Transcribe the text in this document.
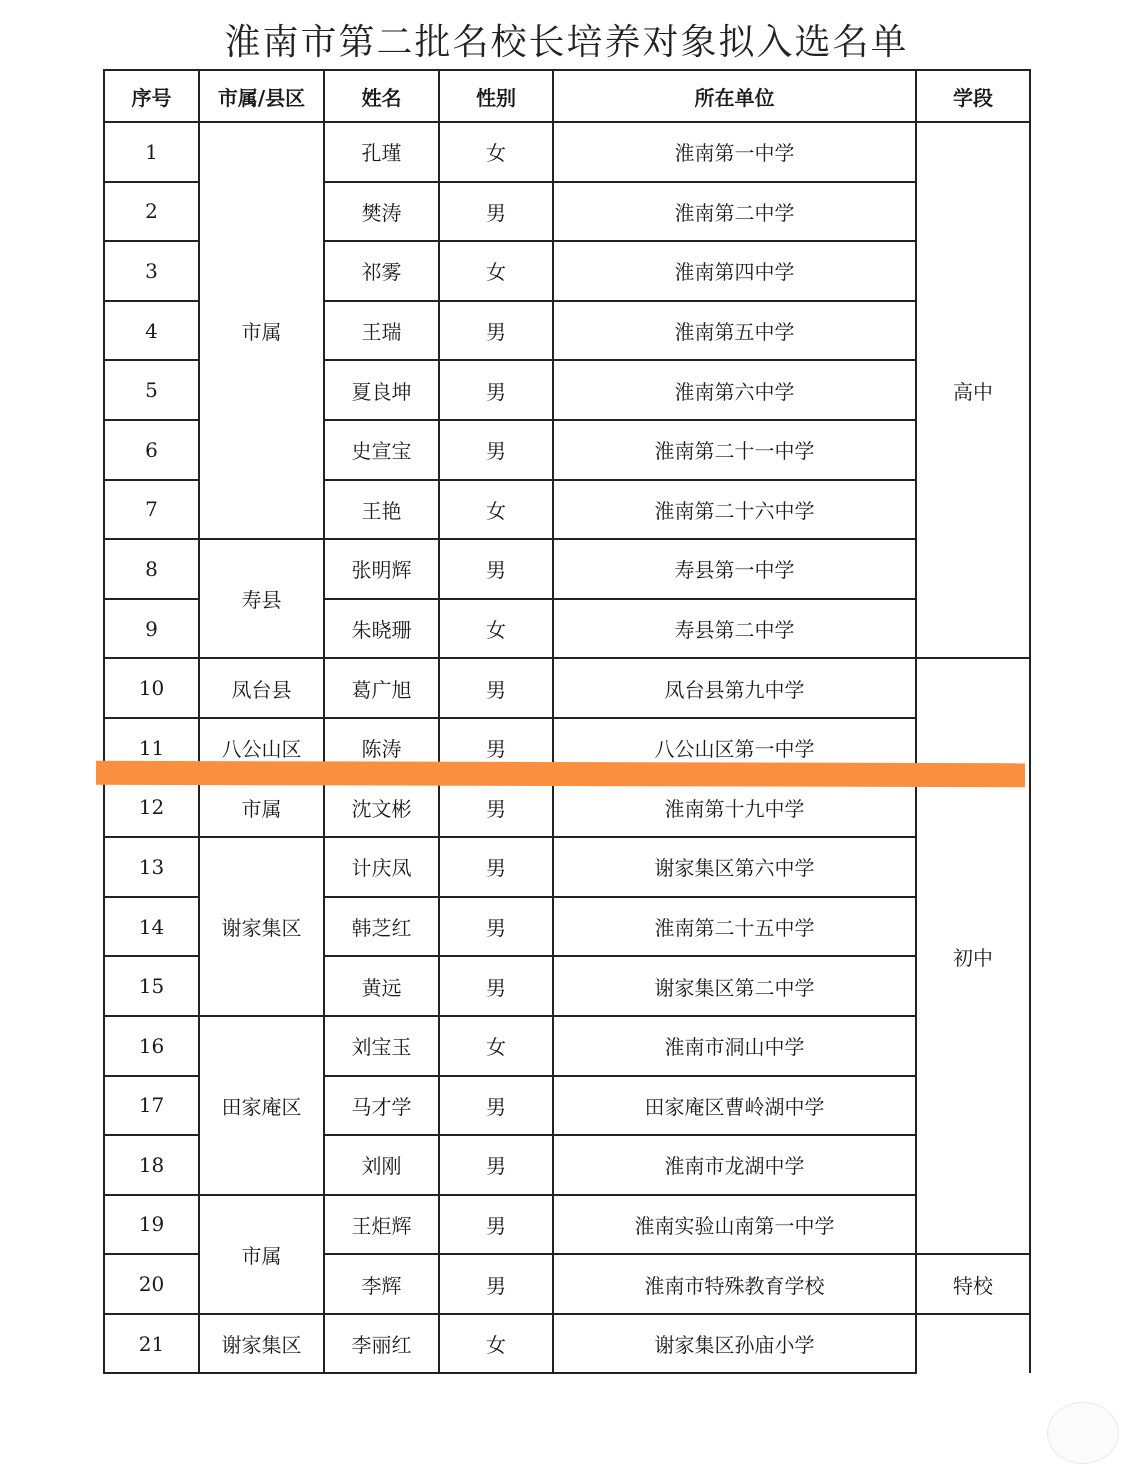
淮南市第二批名校长培养对象拟入选名单
序号	市属/县区	姓名	性别	所在单位	学段
1	市属	孔瑾	女	淮南第一中学	高中
2		樊涛	男	淮南第二中学	
3		祁雾	女	淮南第四中学	
4		王瑞	男	淮南第五中学	
5		夏良坤	男	淮南第六中学	
6		史宣宝	男	淮南第二十一中学	
7		王艳	女	淮南第二十六中学	
8	寿县	张明辉	男	寿县第一中学	
9		朱晓珊	女	寿县第二中学	
10	凤台县	葛广旭	男	凤台县第九中学	初中
11	八公山区	陈涛	男	八公山区第一中学	
12	市属	沈文彬	男	淮南第十九中学	
13	谢家集区	计庆凤	男	谢家集区第六中学	
14		韩芝红	男	淮南第二十五中学	
15		黄远	男	谢家集区第二中学	
16	田家庵区	刘宝玉	女	淮南市洞山中学	
17		马才学	男	田家庵区曹岭湖中学	
18		刘刚	男	淮南市龙湖中学	
19	市属	王炬辉	男	淮南实验山南第一中学	
20		李辉	男	淮南市特殊教育学校	特校
21	谢家集区	李丽红	女	谢家集区孙庙小学	
